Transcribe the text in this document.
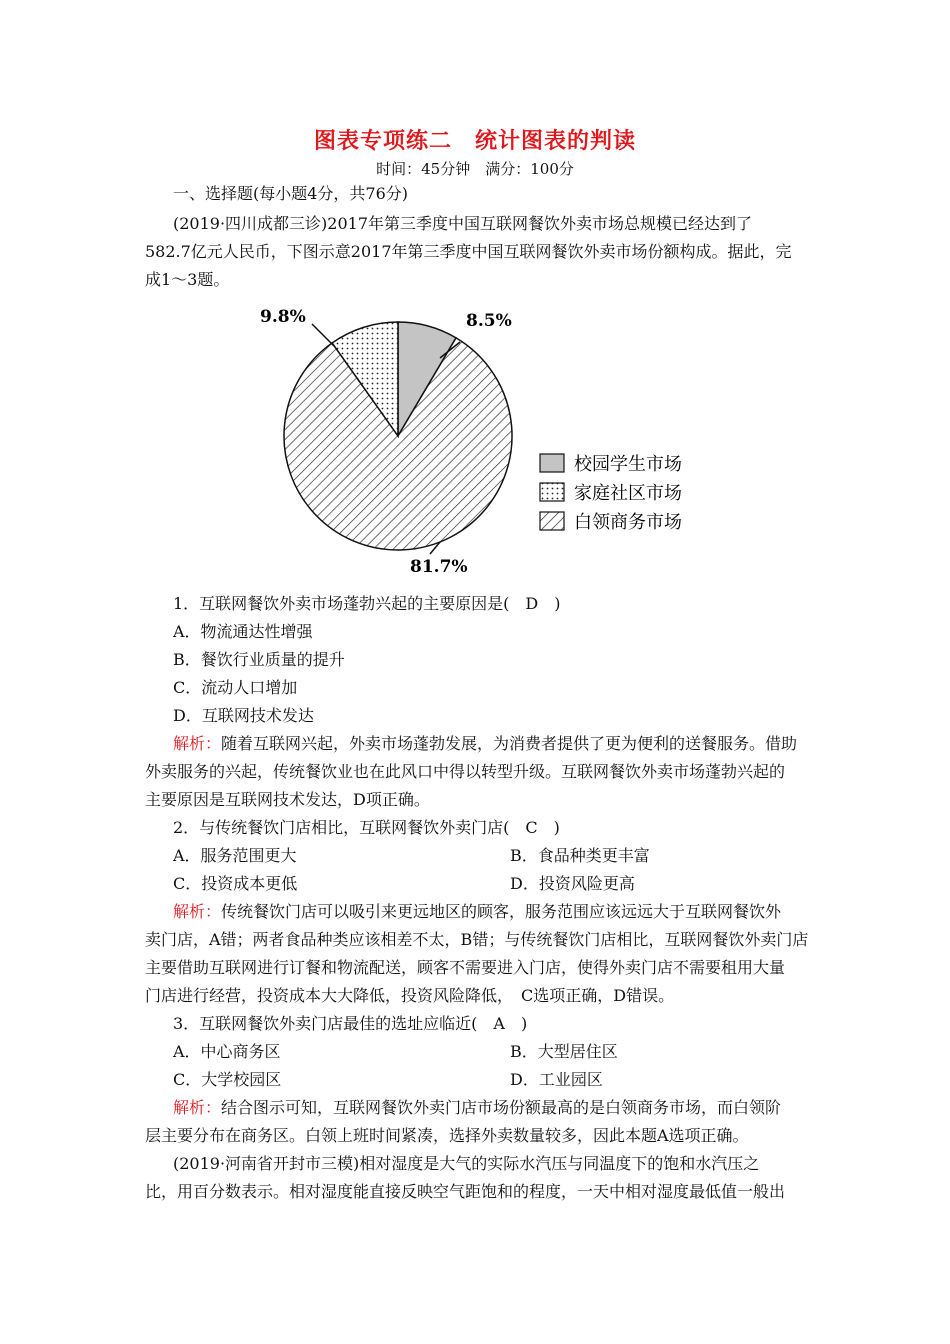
图表专项练二　统计图表的判读
时间：45分钟　满分：100分
一、选择题(每小题4分，共76分)
(2019·四川成都三诊)2017年第三季度中国互联网餐饮外卖市场总规模已经达到了
582.7亿元人民币，下图示意2017年第三季度中国互联网餐饮外卖市场份额构成。据此，完
成1～3题。
9.8%	8.5%
81.7%
校园学生市场
家庭社区市场
白领商务市场
1．互联网餐饮外卖市场蓬勃兴起的主要原因是(　D　)
A．物流通达性增强
B．餐饮行业质量的提升
C．流动人口增加
D．互联网技术发达
解析：随着互联网兴起，外卖市场蓬勃发展，为消费者提供了更为便利的送餐服务。借助
外卖服务的兴起，传统餐饮业也在此风口中得以转型升级。互联网餐饮外卖市场蓬勃兴起的
主要原因是互联网技术发达，D项正确。
2．与传统餐饮门店相比，互联网餐饮外卖门店(　C　)
A．服务范围更大	B．食品种类更丰富
C．投资成本更低	D．投资风险更高
解析：传统餐饮门店可以吸引来更远地区的顾客，服务范围应该远远大于互联网餐饮外
卖门店，A错；两者食品种类应该相差不太，B错；与传统餐饮门店相比，互联网餐饮外卖门店
主要借助互联网进行订餐和物流配送，顾客不需要进入门店，使得外卖门店不需要租用大量
门店进行经营，投资成本大大降低，投资风险降低，　C选项正确，D错误。
3．互联网餐饮外卖门店最佳的选址应临近(　A　)
A．中心商务区	B．大型居住区
C．大学校园区	D．工业园区
解析：结合图示可知，互联网餐饮外卖门店市场份额最高的是白领商务市场，而白领阶
层主要分布在商务区。白领上班时间紧凑，选择外卖数量较多，因此本题A选项正确。
(2019·河南省开封市三模)相对湿度是大气的实际水汽压与同温度下的饱和水汽压之
比，用百分数表示。相对湿度能直接反映空气距饱和的程度，一天中相对湿度最低值一般出
